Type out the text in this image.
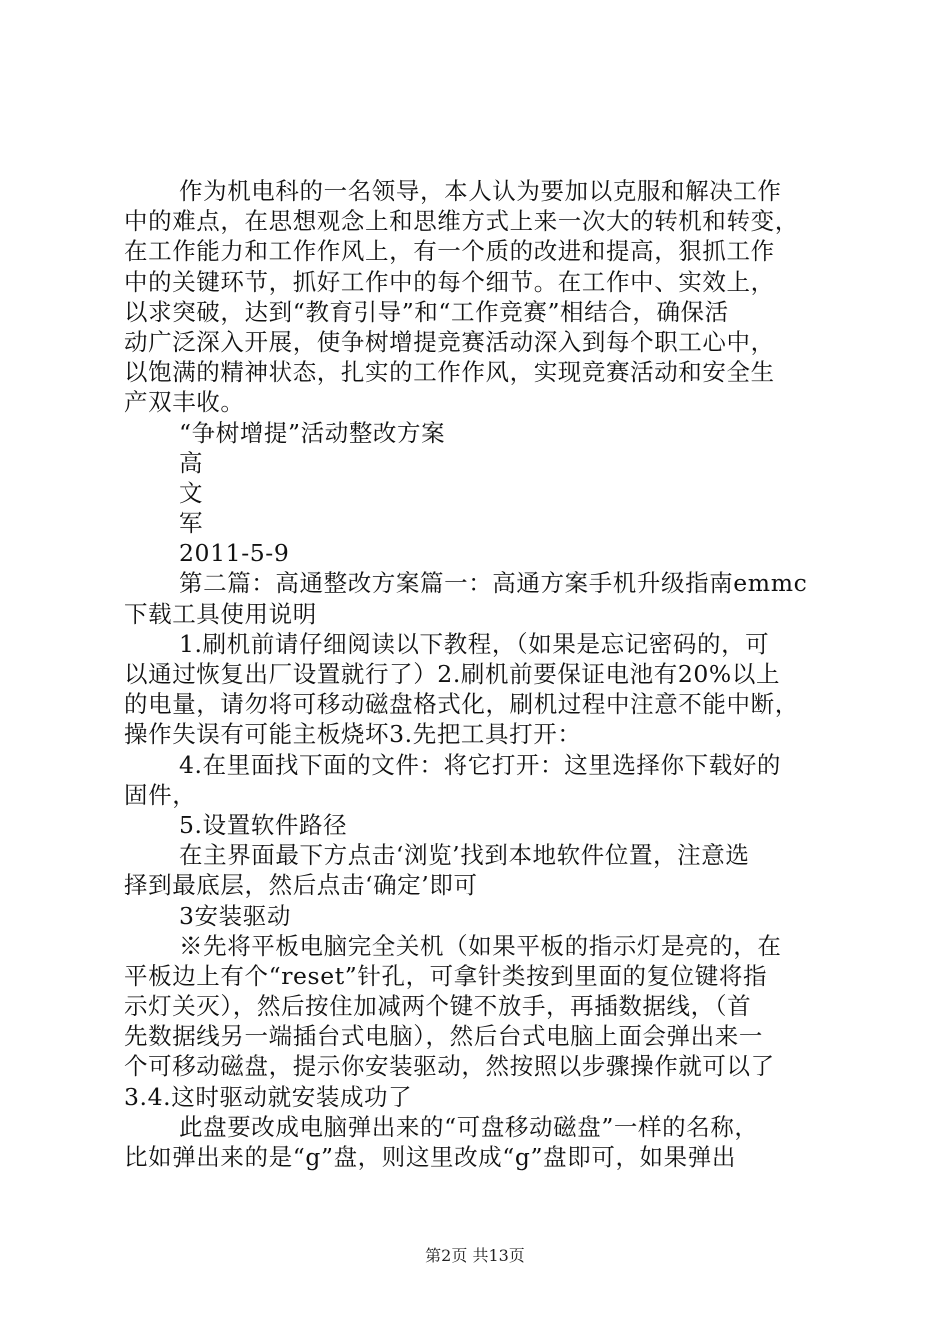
作为机电科的一名领导，本人认为要加以克服和解决工作
中的难点，在思想观念上和思维方式上来一次大的转机和转变，
在工作能力和工作作风上，有一个质的改进和提高，狠抓工作
中的关键环节，抓好工作中的每个细节。在工作中、实效上，
以求突破，达到“教育引导”和“工作竞赛”相结合，确保活
动广泛深入开展，使争树增提竞赛活动深入到每个职工心中，
以饱满的精神状态，扎实的工作作风，实现竞赛活动和安全生
产双丰收。
“争树增提”活动整改方案
高
文
军
2011-5-9
第二篇：高通整改方案篇一：高通方案手机升级指南emmc
下载工具使用说明
1.刷机前请仔细阅读以下教程，（如果是忘记密码的，可
以通过恢复出厂设置就行了）2.刷机前要保证电池有20%以上
的电量，请勿将可移动磁盘格式化，刷机过程中注意不能中断，
操作失误有可能主板烧坏3.先把工具打开：
4.在里面找下面的文件：将它打开：这里选择你下载好的
固件，
5.设置软件路径
在主界面最下方点击‘浏览’找到本地软件位置，注意选
择到最底层，然后点击‘确定’即可
3安装驱动
※先将平板电脑完全关机（如果平板的指示灯是亮的，在
平板边上有个“reset”针孔，可拿针类按到里面的复位键将指
示灯关灭），然后按住加减两个键不放手，再插数据线，（首
先数据线另一端插台式电脑），然后台式电脑上面会弹出来一
个可移动磁盘，提示你安装驱动，然按照以步骤操作就可以了
3.4.这时驱动就安装成功了
此盘要改成电脑弹出来的“可盘移动磁盘”一样的名称，
比如弹出来的是“g”盘，则这里改成“g”盘即可，如果弹出
第2页 共13页
